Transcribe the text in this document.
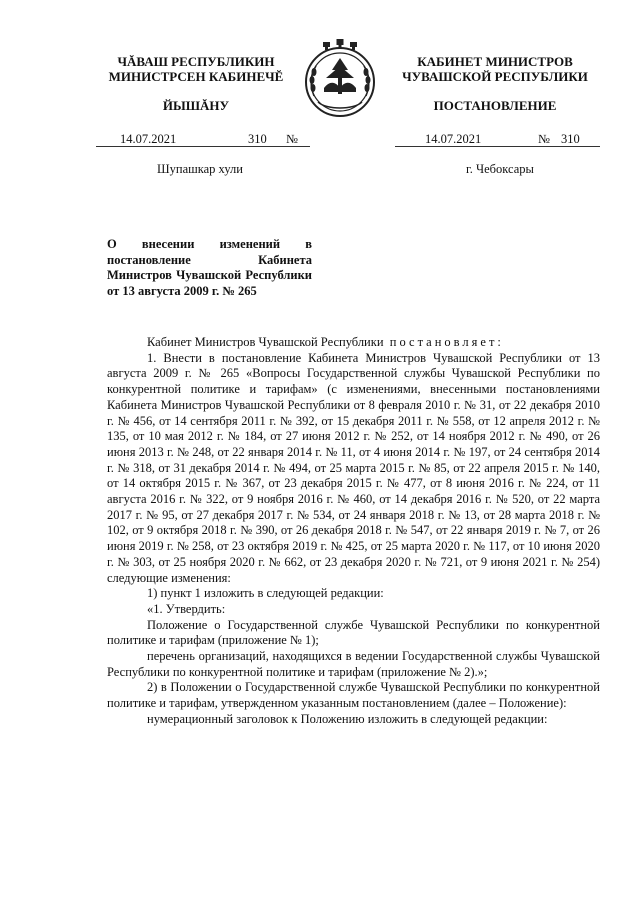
ЧĂВАШ РЕСПУБЛИКИН
МИНИСТРСЕН КАБИНЕЧĔ
ЙЫШĂНУ
КАБИНЕТ МИНИСТРОВ
ЧУВАШСКОЙ РЕСПУБЛИКИ
ПОСТАНОВЛЕНИЕ
14.07.2021	310 №	14.07.2021	№ 310
Шупашкар хули	г. Чебоксары
О внесении изменений в постановление Кабинета Министров Чувашской Республики от 13 августа 2009 г. № 265

Кабинет Министров Чувашской Республики постановляет:

1. Внести в постановление Кабинета Министров Чувашской Республики от 13 августа 2009 г. № 265 «Вопросы Государственной службы Чувашской Республики по конкурентной политике и тарифам» (с изменениями, внесенными постановлениями Кабинета Министров Чувашской Республики от 8 февраля 2010 г. № 31, от 22 декабря 2010 г. № 456, от 14 сентября 2011 г. № 392, от 15 декабря 2011 г. № 558, от 12 апреля 2012 г. № 135, от 10 мая 2012 г. № 184, от 27 июня 2012 г. № 252, от 14 ноября 2012 г. № 490, от 26 июня 2013 г. № 248, от 22 января 2014 г. № 11, от 4 июня 2014 г. № 197, от 24 сентября 2014 г. № 318, от 31 декабря 2014 г. № 494, от 25 марта 2015 г. № 85, от 22 апреля 2015 г. № 140, от 14 октября 2015 г. № 367, от 23 декабря 2015 г. № 477, от 8 июня 2016 г. № 224, от 11 августа 2016 г. № 322, от 9 ноября 2016 г. № 460, от 14 декабря 2016 г. № 520, от 22 марта 2017 г. № 95, от 27 декабря 2017 г. № 534, от 24 января 2018 г. № 13, от 28 марта 2018 г. № 102, от 9 октября 2018 г. № 390, от 26 декабря 2018 г. № 547, от 22 января 2019 г. № 7, от 26 июня 2019 г. № 258, от 23 октября 2019 г. № 425, от 25 марта 2020 г. № 117, от 10 июня 2020 г. № 303, от 25 ноября 2020 г. № 662, от 23 декабря 2020 г. № 721, от 9 июня 2021 г. № 254) следующие изменения:

1) пункт 1 изложить в следующей редакции:

«1. Утвердить:

Положение о Государственной службе Чувашской Республики по конкурентной политике и тарифам (приложение № 1);

перечень организаций, находящихся в ведении Государственной службы Чувашской Республики по конкурентной политике и тарифам (приложение № 2).»;

2) в Положении о Государственной службе Чувашской Республики по конкурентной политике и тарифам, утвержденном указанным постановлением (далее – Положение):

нумерационный заголовок к Положению изложить в следующей редакции:
